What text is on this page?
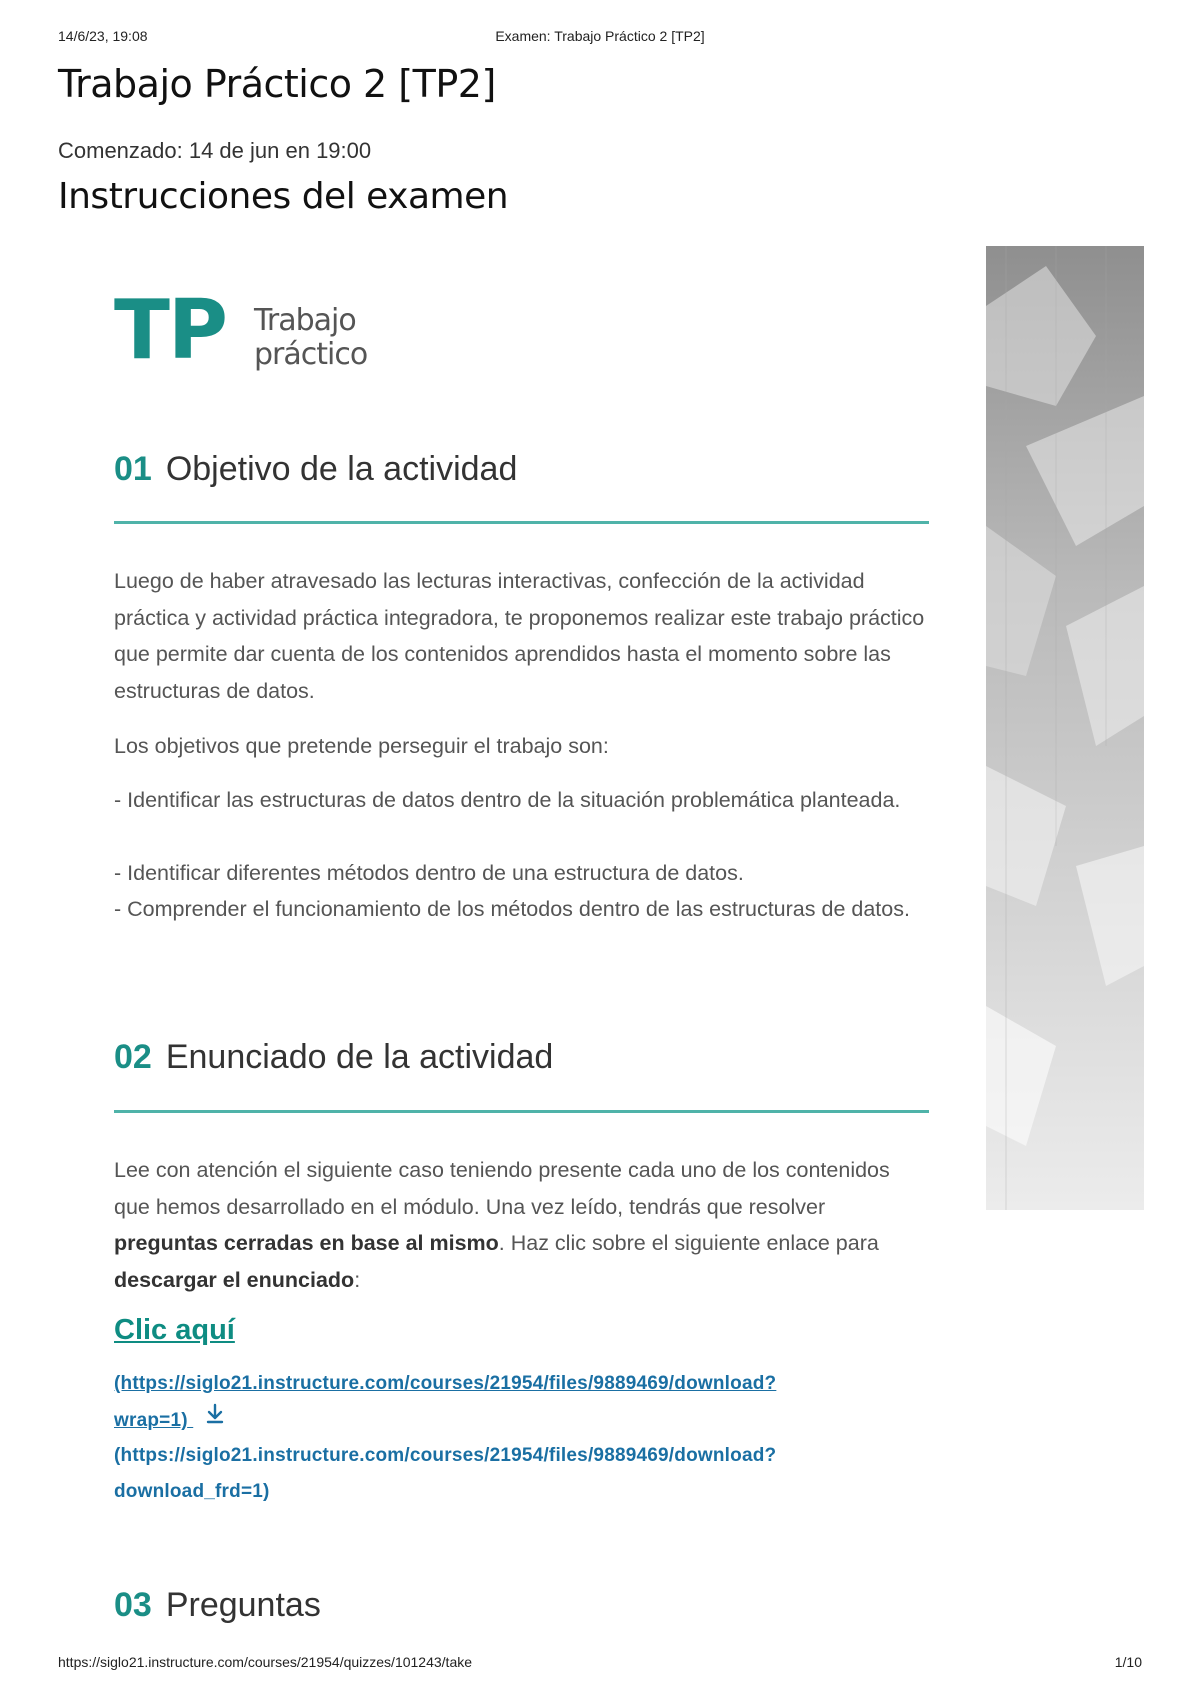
14/6/23, 19:08	Examen: Trabajo Práctico 2 [TP2]
Trabajo Práctico 2 [TP2]
Comenzado: 14 de jun en 19:00
Instrucciones del examen
TP Trabajo
práctico
01 Objetivo de la actividad

Luego de haber atravesado las lecturas interactivas, confección de la actividad práctica y actividad práctica integradora, te proponemos realizar este trabajo práctico que permite dar cuenta de los contenidos aprendidos hasta el momento sobre las estructuras de datos.

Los objetivos que pretende perseguir el trabajo son:

- Identificar las estructuras de datos dentro de la situación problemática planteada.

- Identificar diferentes métodos dentro de una estructura de datos.

- Comprender el funcionamiento de los métodos dentro de las estructuras de datos.

02 Enunciado de la actividad

Lee con atención el siguiente caso teniendo presente cada uno de los contenidos que hemos desarrollado en el módulo. Una vez leído, tendrás que resolver preguntas cerradas en base al mismo. Haz clic sobre el siguiente enlace para descargar el enunciado:

Clic aquí
(https://siglo21.instructure.com/courses/21954/files/9889469/download?
wrap=1)
(https://siglo21.instructure.com/courses/21954/files/9889469/download?
download_frd=1)
03 Preguntas
https://siglo21.instructure.com/courses/21954/quizzes/101243/take	1/10
